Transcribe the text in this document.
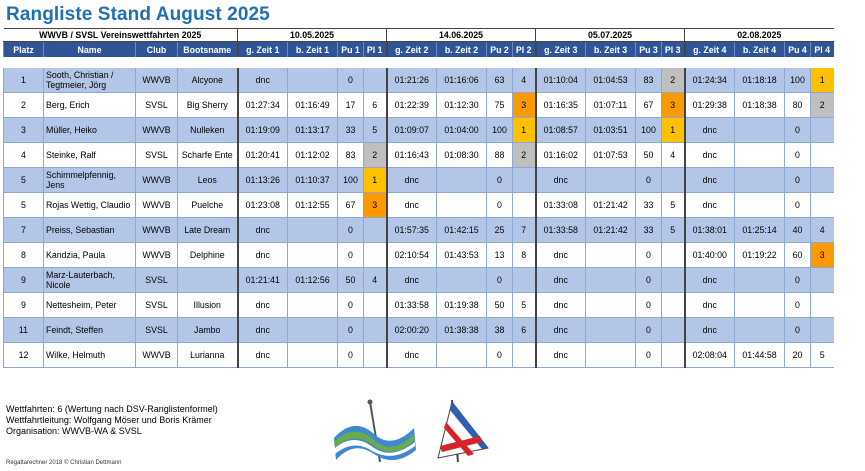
Rangliste Stand August 2025
WWVB / SVSL Vereinswettfahrten 2025				10.05.2025				14.06.2025				05.07.2025				02.08.2025			
Platz	Name	Club	Bootsname	g. Zeit 1	b. Zeit 1	Pu 1	Pl 1	g. Zeit 2	b. Zeit 2	Pu 2	Pl 2	g. Zeit 3	b. Zeit 3	Pu 3	Pl 3	g. Zeit 4	b. Zeit 4	Pu 4	Pl 4

1	Sooth, Christian / Tegtmeier, Jörg	WWVB	Alcyone	dnc		0		01:21:26	01:16:06	63	4	01:10:04	01:04:53	83	2	01:24:34	01:18:18	100	1
2	Berg, Erich	SVSL	Big Sherry	01:27:34	01:16:49	17	6	01:22:39	01:12:30	75	3	01:16:35	01:07:11	67	3	01:29:38	01:18:38	80	2
3	Müller, Heiko	WWVB	Nulleken	01:19:09	01:13:17	33	5	01:09:07	01:04:00	100	1	01:08:57	01:03:51	100	1	dnc		0	
4	Steinke, Ralf	SVSL	Scharfe Ente	01:20:41	01:12:02	83	2	01:16:43	01:08:30	88	2	01:16:02	01:07:53	50	4	dnc		0	
5	Schimmelpfennig, Jens	WWVB	Leos	01:13:26	01:10:37	100	1	dnc		0		dnc		0		dnc		0	
5	Rojas Wettig, Claudio	WWVB	Puelche	01:23:08	01:12:55	67	3	dnc		0		01:33:08	01:21:42	33	5	dnc		0	
7	Preiss, Sebastian	WWVB	Late Dream	dnc		0		01:57:35	01:42:15	25	7	01:33:58	01:21:42	33	5	01:38:01	01:25:14	40	4
8	Kandzia, Paula	WWVB	Delphine	dnc		0		02:10:54	01:43:53	13	8	dnc		0		01:40:00	01:19:22	60	3
9	Marz-Lauterbach, Nicole	SVSL		01:21:41	01:12:56	50	4	dnc		0		dnc		0		dnc		0	
9	Nettesheim, Peter	SVSL	Illusion	dnc		0		01:33:58	01:19:38	50	5	dnc		0		dnc		0	
11	Feindt, Steffen	SVSL	Jambo	dnc		0		02:00:20	01:38:38	38	6	dnc		0		dnc		0	
12	Wilke, Helmuth	WWVB	Lurianna	dnc		0		dnc		0		dnc		0		02:08:04	01:44:58	20	5
Wettfahrten: 6 (Wertung nach DSV-Ranglistenformel)
Wettfahrtleitung: Wolfgang Möser und Boris Krämer
Organisation: WWVB-WA & SVSL
Regattarechner 2018 © Christian Dettmann
